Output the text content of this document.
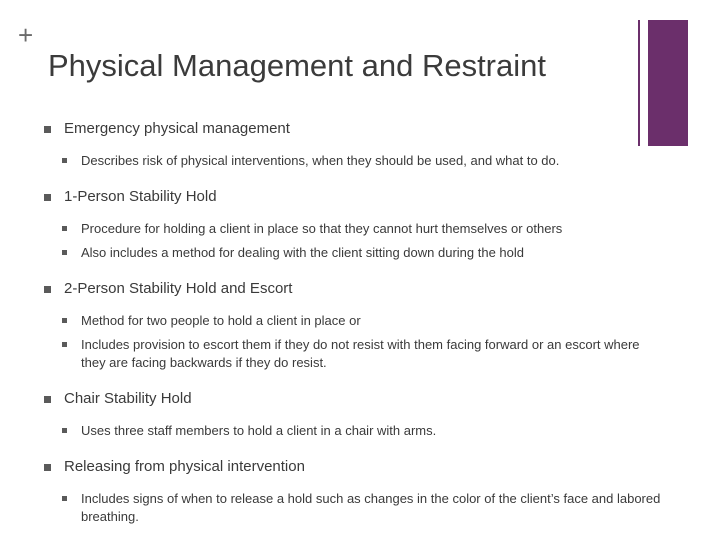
+
Physical Management and Restraint
Emergency physical management
Describes risk of physical interventions, when they should be used, and what to do.
1-Person Stability Hold
Procedure for holding a client in place so that they cannot hurt themselves or others
Also includes a method for dealing with the client sitting down during the hold
2-Person Stability Hold and Escort
Method for two people to hold a client in place or
Includes provision to escort them if they do not resist with them facing forward or an escort where they are facing backwards if they do resist.
Chair Stability Hold
Uses three staff members to hold a client in a chair with arms.
Releasing from physical intervention
Includes signs of when to release a hold such as changes in the color of the client’s face and labored breathing.
